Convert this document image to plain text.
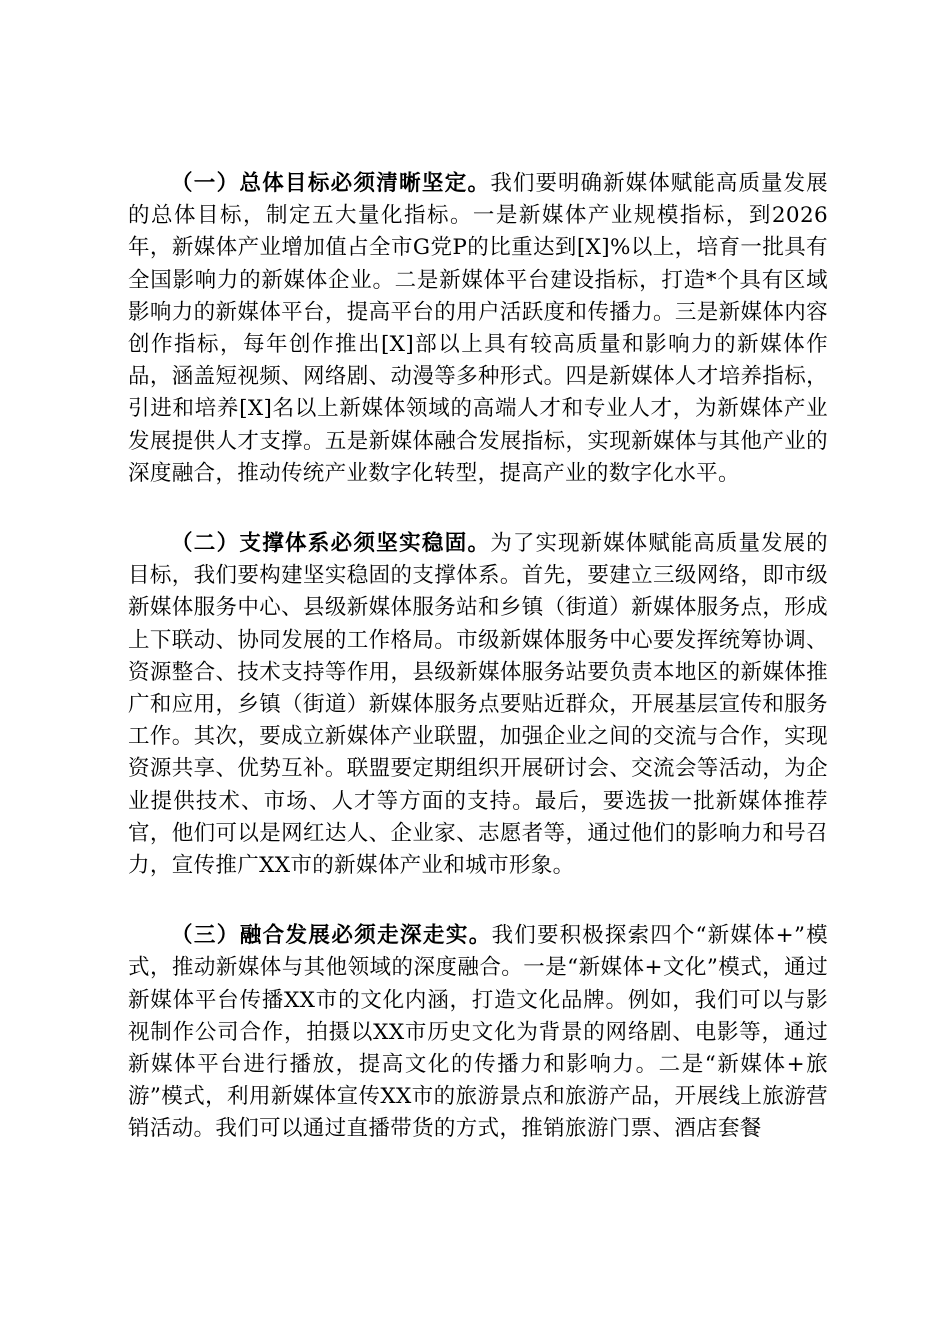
（一）总体目标必须清晰坚定。我们要明确新媒体赋能高质量发展的总体目标，制定五大量化指标。一是新媒体产业规模指标，到2026年，新媒体产业增加值占全市G党P的比重达到[X]%以上，培育一批具有全国影响力的新媒体企业。二是新媒体平台建设指标，打造*个具有区域影响力的新媒体平台，提高平台的用户活跃度和传播力。三是新媒体内容创作指标，每年创作推出[X]部以上具有较高质量和影响力的新媒体作品，涵盖短视频、网络剧、动漫等多种形式。四是新媒体人才培养指标，引进和培养[X]名以上新媒体领域的高端人才和专业人才，为新媒体产业发展提供人才支撑。五是新媒体融合发展指标，实现新媒体与其他产业的深度融合，推动传统产业数字化转型，提高产业的数字化水平。

（二）支撑体系必须坚实稳固。为了实现新媒体赋能高质量发展的目标，我们要构建坚实稳固的支撑体系。首先，要建立三级网络，即市级新媒体服务中心、县级新媒体服务站和乡镇（街道）新媒体服务点，形成上下联动、协同发展的工作格局。市级新媒体服务中心要发挥统筹协调、资源整合、技术支持等作用，县级新媒体服务站要负责本地区的新媒体推广和应用，乡镇（街道）新媒体服务点要贴近群众，开展基层宣传和服务工作。其次，要成立新媒体产业联盟，加强企业之间的交流与合作，实现资源共享、优势互补。联盟要定期组织开展研讨会、交流会等活动，为企业提供技术、市场、人才等方面的支持。最后，要选拔一批新媒体推荐官，他们可以是网红达人、企业家、志愿者等，通过他们的影响力和号召力，宣传推广XX市的新媒体产业和城市形象。

（三）融合发展必须走深走实。我们要积极探索四个“新媒体+”模式，推动新媒体与其他领域的深度融合。一是“新媒体+文化”模式，通过新媒体平台传播XX市的文化内涵，打造文化品牌。例如，我们可以与影视制作公司合作，拍摄以XX市历史文化为背景的网络剧、电影等，通过新媒体平台进行播放，提高文化的传播力和影响力。二是“新媒体+旅游”模式，利用新媒体宣传XX市的旅游景点和旅游产品，开展线上旅游营销活动。我们可以通过直播带货的方式，推销旅游门票、酒店套餐
